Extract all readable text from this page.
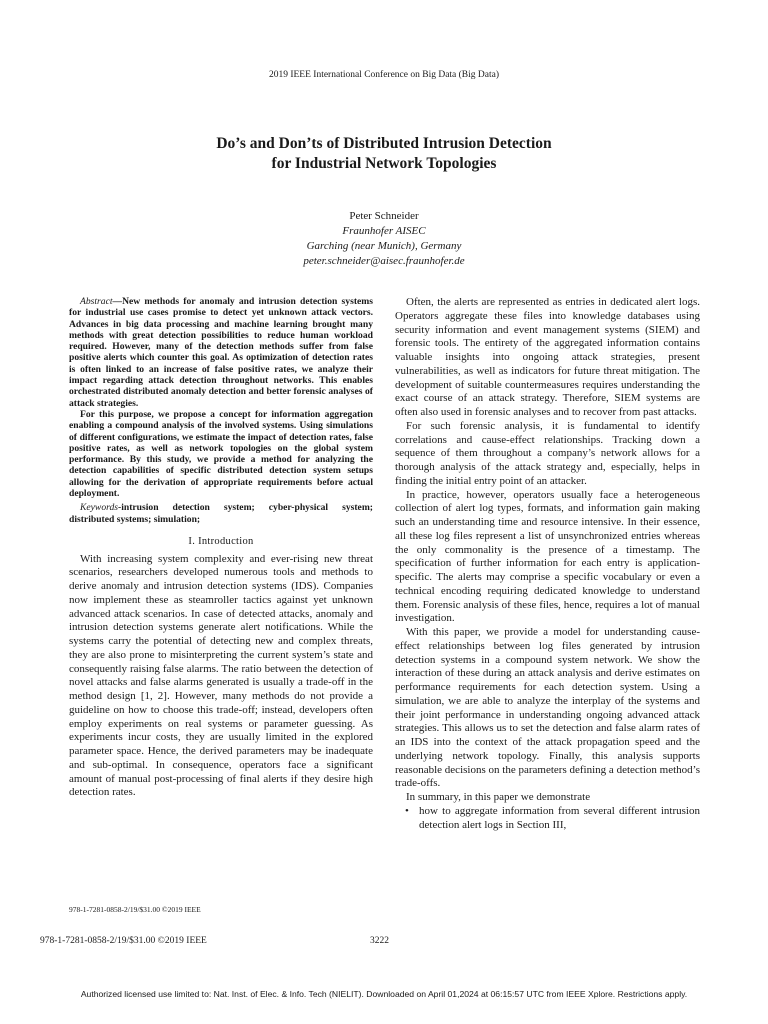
2019 IEEE International Conference on Big Data (Big Data)
Do’s and Don’ts of Distributed Intrusion Detection
for Industrial Network Topologies
Peter Schneider
Fraunhofer AISEC
Garching (near Munich), Germany
peter.schneider@aisec.fraunhofer.de

Abstract—New methods for anomaly and intrusion detection systems for industrial use cases promise to detect yet unknown attack vectors. Advances in big data processing and machine learning brought many methods with great detection possibilities to reduce human workload required. However, many of the detection methods suffer from false positive alerts which counter this goal. As optimization of detection rates is often linked to an increase of false positive rates, we analyze their impact regarding attack detection throughout networks. This enables orchestrated distributed anomaly detection and better forensic analyses of attack strategies.

For this purpose, we propose a concept for information aggregation enabling a compound analysis of the involved systems. Using simulations of different configurations, we estimate the impact of detection rates, false positive rates, as well as network topologies on the global system performance. By this study, we provide a method for analyzing the detection capabilities of specific distributed detection system setups allowing for the derivation of appropriate requirements before actual deployment.

Keywords-intrusion detection system; cyber-physical system; distributed systems; simulation;

I. Introduction

With increasing system complexity and ever-rising new threat scenarios, researchers developed numerous tools and methods to derive anomaly and intrusion detection systems (IDS). Companies now implement these as steamroller tactics against yet unknown advanced attack scenarios. In case of detected attacks, anomaly and intrusion detection systems generate alert notifications. While the systems carry the potential of detecting new and complex threats, they are also prone to misinterpreting the current system’s state and consequently raising false alarms. The ratio between the detection of novel attacks and false alarms generated is usually a trade-off in the method design [1, 2]. However, many methods do not provide a guideline on how to choose this trade-off; instead, developers often employ experiments on real systems or parameter guessing. As experiments incur costs, they are usually limited in the explored parameter space. Hence, the derived parameters may be inadequate and sub-optimal. In consequence, operators face a significant amount of manual post-processing of final alerts if they desire high detection rates.

Often, the alerts are represented as entries in dedicated alert logs. Operators aggregate these files into knowledge databases using security information and event management systems (SIEM) and forensic tools. The entirety of the aggregated information contains valuable insights into ongoing attack strategies, present vulnerabilities, as well as indicators for future threat mitigation. The development of suitable countermeasures requires understanding the exact course of an attack strategy. Therefore, SIEM systems are often also used in forensic analyses and to recover from past attacks.

For such forensic analysis, it is fundamental to identify correlations and cause-effect relationships. Tracking down a sequence of them throughout a company’s network allows for a thorough analysis of the attack strategy and, especially, helps in finding the initial entry point of an attacker.

In practice, however, operators usually face a heterogeneous collection of alert log types, formats, and information gain making such an understanding time and resource intensive. In their essence, all these log files represent a list of unsynchronized entries whereas the only commonality is the presence of a timestamp. The specification of further information for each entry is application-specific. The alerts may comprise a specific vocabulary or even a technical encoding requiring dedicated knowledge to understand them. Forensic analysis of these files, hence, requires a lot of manual investigation.

With this paper, we provide a model for understanding cause-effect relationships between log files generated by intrusion detection systems in a compound system network. We show the interaction of these during an attack analysis and derive estimates on performance requirements for each detection system. Using a simulation, we are able to analyze the interplay of the systems and their joint performance in understanding ongoing advanced attack strategies. This allows us to set the detection and false alarm rates of an IDS into the context of the attack propagation speed and the underlying network topology. Finally, this analysis supports reasonable decisions on the parameters defining a detection method’s trade-offs.

In summary, in this paper we demonstrate

• how to aggregate information from several different intrusion detection alert logs in Section III,

978-1-7281-0858-2/19/$31.00 ©2019 IEEE
978-1-7281-0858-2/19/$31.00 ©2019 IEEE	3222
Authorized licensed use limited to: Nat. Inst. of Elec. & Info. Tech (NIELIT). Downloaded on April 01,2024 at 06:15:57 UTC from IEEE Xplore. Restrictions apply.
